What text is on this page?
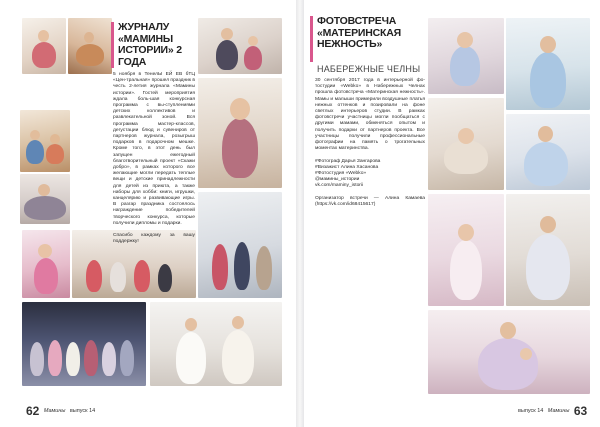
ЖУРНАЛУ «МАМИНЫ ИСТОРИИ» 2 ГОДА
5 ноября в ТенелЫ ЕЙ ЕВ бTЦ «Цен-тральная» прошел праздник в честь 2-летия журнала «Мамины истории». Гостей мероприятия ждала боль-шая конкурсная программа с вы-ступлениями детских коллективов и развлекательной зоной. Вся программа мастер-классов, дегустации блюд и сувениров от партнеров журнала, розыгрыш подарков в подарочном мешке. Кроме того, в этот день был запущен ежегодный благотворительный проект «Скажи добро», в рамках которого все желающие могли передать теплые вещи и детские принадлежности для детей из приюта, а также наборы для хобби: книги, игрушки, канцелярию и развивающие игры. В разгар праздника состоялось награждение победителей творческого конкурса, которые получили дипломы и подарки.

Спасибо каждому за вашу поддержку!
62 Мамины выпуск 14
ФОТОВСТРЕЧА «МАТЕРИНСКАЯ НЕЖНОСТЬ»
НАБЕРЕЖНЫЕ ЧЕЛНЫ
30 сентября 2017 года в интерьерной фо-тостудии «Webko» в Набережных Челнах прошла фотовстреча «Материнская нежность». Мамы и малыши примерили воздушные платья нежных оттенков и позировали на фоне светлых интерьеров студии. В рамках фотовстречи участницы могли пообщаться с другими мамами, обменяться опытом и получить подарки от партнеров проекта. Все участницы получили профессиональные фотографии на память о трогательных моментах материнства.

#Фотограф Дарья Зангарова
#Визажист Алина Хасанова
#Фотостудия «Webko»
@мамины_истории
vk.com/maminy_istorii

Организатор встречи — Алина Камаева (https://vk.com/id68415617)
выпуск 14 Мамины 63
